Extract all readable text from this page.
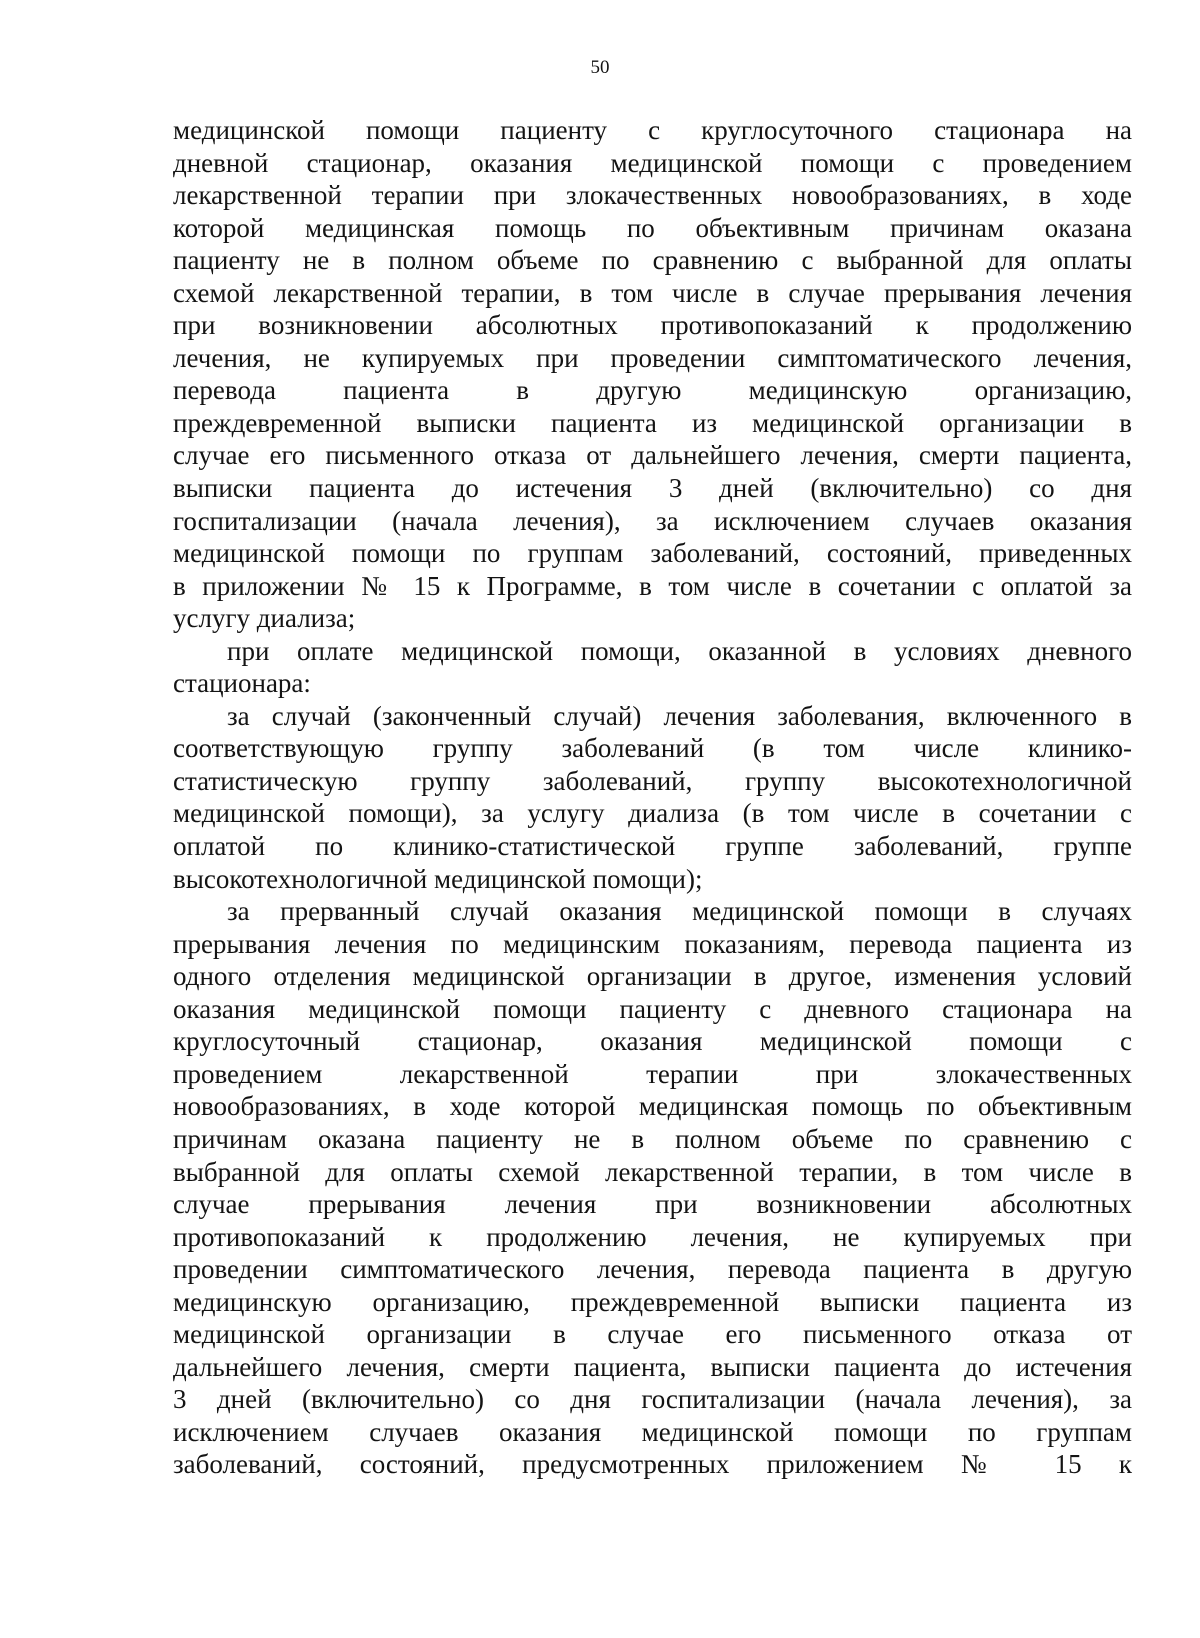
50
медицинской помощи пациенту с круглосуточного стационара на
дневной стационар, оказания медицинской помощи с проведением
лекарственной терапии при злокачественных новообразованиях, в ходе
которой медицинская помощь по объективным причинам оказана
пациенту не в полном объеме по сравнению с выбранной для оплаты
схемой лекарственной терапии, в том числе в случае прерывания лечения
при возникновении абсолютных противопоказаний к продолжению
лечения, не купируемых при проведении симптоматического лечения,
перевода пациента в другую медицинскую организацию,
преждевременной выписки пациента из медицинской организации в
случае его письменного отказа от дальнейшего лечения, смерти пациента,
выписки пациента до истечения 3 дней (включительно) со дня
госпитализации (начала лечения), за исключением случаев оказания
медицинской помощи по группам заболеваний, состояний, приведенных
в приложении № 15 к Программе, в том числе в сочетании с оплатой за
услугу диализа;
при оплате медицинской помощи, оказанной в условиях дневного
стационара:
за случай (законченный случай) лечения заболевания, включенного в
соответствующую группу заболеваний (в том числе клинико-
статистическую группу заболеваний, группу высокотехнологичной
медицинской помощи), за услугу диализа (в том числе в сочетании с
оплатой по клинико-статистической группе заболеваний, группе
высокотехнологичной медицинской помощи);
за прерванный случай оказания медицинской помощи в случаях
прерывания лечения по медицинским показаниям, перевода пациента из
одного отделения медицинской организации в другое, изменения условий
оказания медицинской помощи пациенту с дневного стационара на
круглосуточный стационар, оказания медицинской помощи с
проведением лекарственной терапии при злокачественных
новообразованиях, в ходе которой медицинская помощь по объективным
причинам оказана пациенту не в полном объеме по сравнению с
выбранной для оплаты схемой лекарственной терапии, в том числе в
случае прерывания лечения при возникновении абсолютных
противопоказаний к продолжению лечения, не купируемых при
проведении симптоматического лечения, перевода пациента в другую
медицинскую организацию, преждевременной выписки пациента из
медицинской организации в случае его письменного отказа от
дальнейшего лечения, смерти пациента, выписки пациента до истечения
3 дней (включительно) со дня госпитализации (начала лечения), за
исключением случаев оказания медицинской помощи по группам
заболеваний, состояний, предусмотренных приложением № 15 к
